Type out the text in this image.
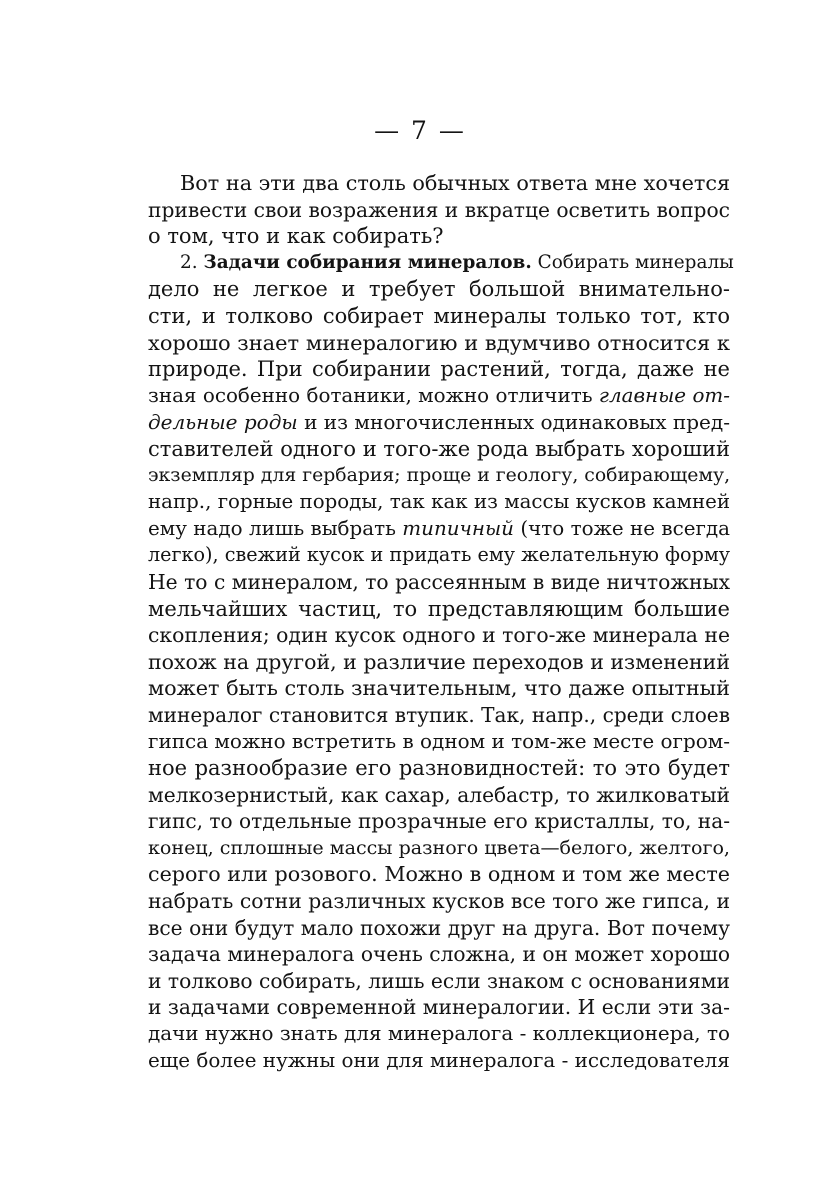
— 7 —
Вот на эти два столь обычных ответа мне хочется
привести свои возражения и вкратце осветить вопрос
о том, что и как собирать?
2. Задачи собирания минералов. Собирать минералы
дело не легкое и требует большой внимательно-
сти, и толково собирает минералы только тот, кто
хорошо знает минералогию и вдумчиво относится к
природе. При собирании растений, тогда, даже не
зная особенно ботаники, можно отличить главные от-
дельные роды и из многочисленных одинаковых пред-
ставителей одного и того-же рода выбрать хороший
экземпляр для гербария; проще и геологу, собирающему,
напр., горные породы, так как из массы кусков камней
ему надо лишь выбрать типичный (что тоже не всегда
легко), свежий кусок и придать ему желательную форму
Не то с минералом, то рассеянным в виде ничтожных
мельчайших частиц, то представляющим большие
скопления; один кусок одного и того-же минерала не
похож на другой, и различие переходов и изменений
может быть столь значительным, что даже опытный
минералог становится втупик. Так, напр., среди слоев
гипса можно встретить в одном и том-же месте огром-
ное разнообразие его разновидностей: то это будет
мелкозернистый, как сахар, алебастр, то жилковатый
гипс, то отдельные прозрачные его кристаллы, то, на-
конец, сплошные массы разного цвета—белого, желтого,
серого или розового. Можно в одном и том же месте
набрать сотни различных кусков все того же гипса, и
все они будут мало похожи друг на друга. Вот почему
задача минералога очень сложна, и он может хорошо
и толково собирать, лишь если знаком с основаниями
и задачами современной минералогии. И если эти за-
дачи нужно знать для минералога - коллекционера, то
еще более нужны они для минералога - исследователя
